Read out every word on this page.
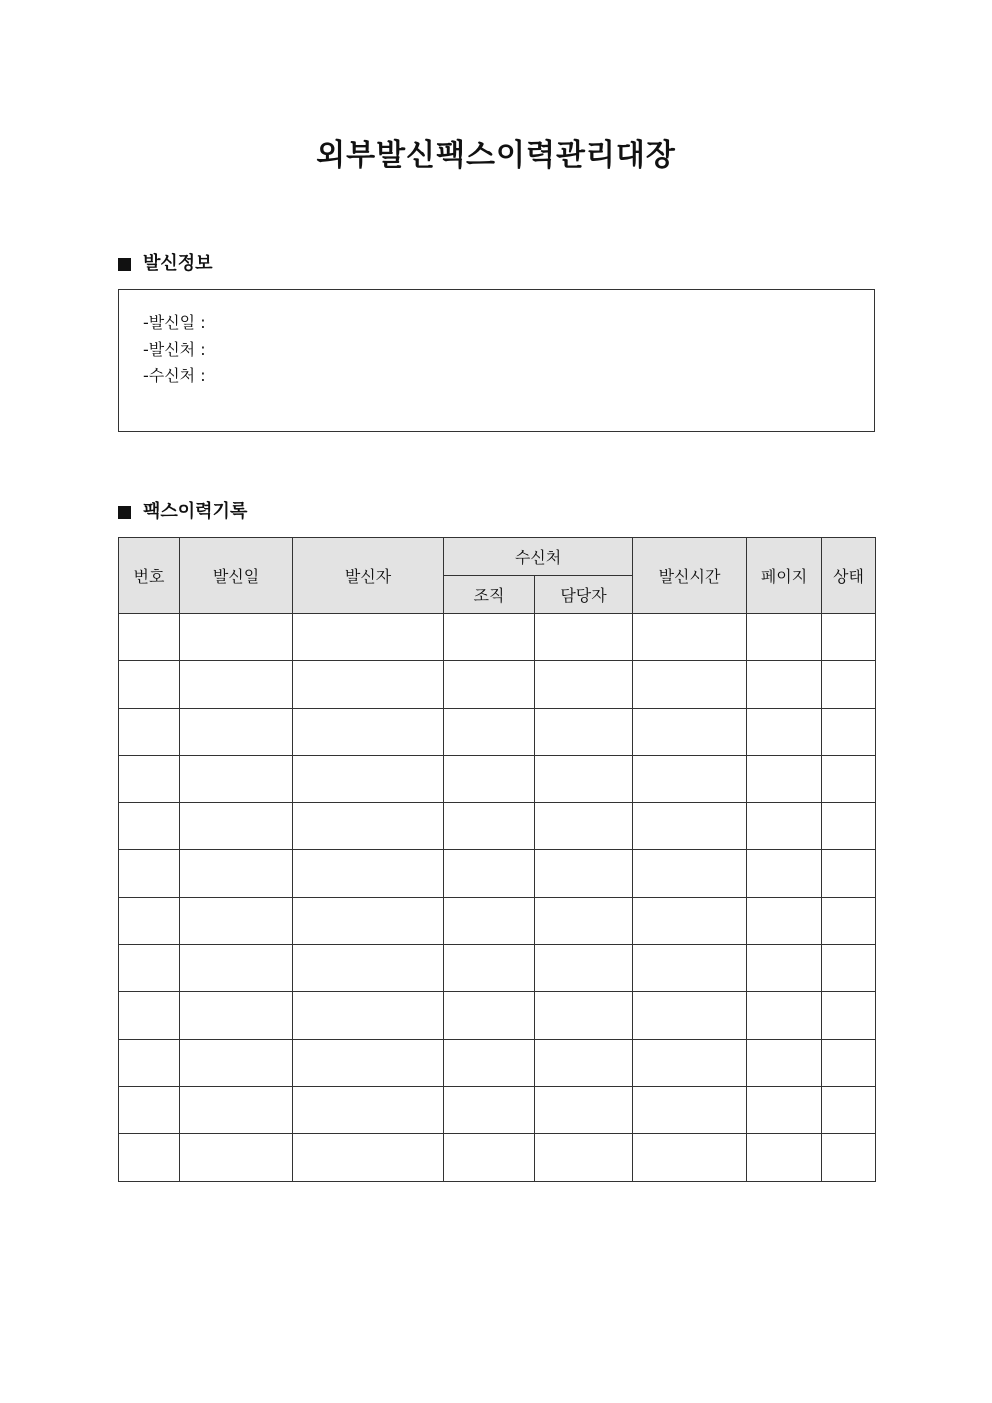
외부발신팩스이력관리대장
발신정보
-발신일 :
-발신처 :
-수신처 :
팩스이력기록
번호	발신일	발신자	수신처		발신시간	페이지	상태
			조직	담당자			
